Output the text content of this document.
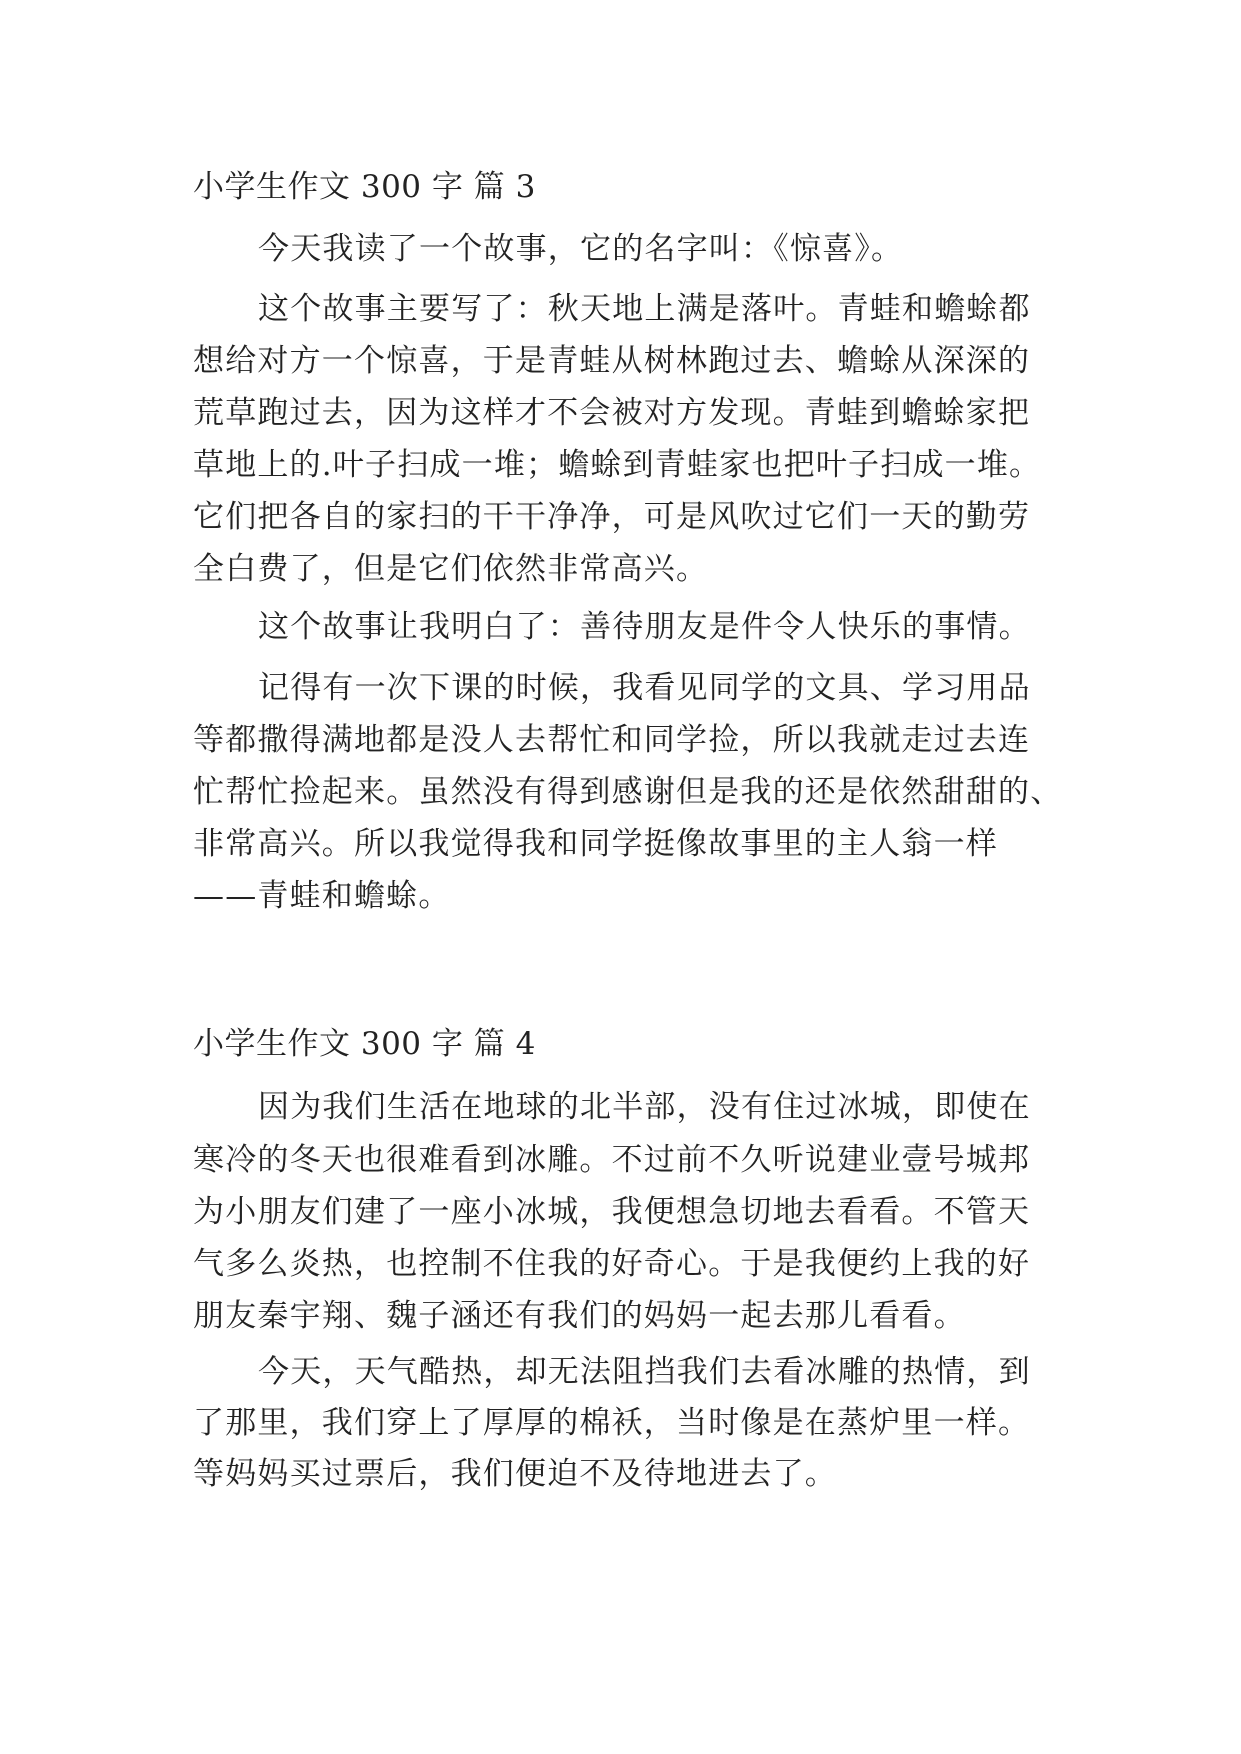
小学生作文 300 字 篇 3
今天我读了一个故事，它的名字叫：《惊喜》。
这个故事主要写了：秋天地上满是落叶。青蛙和蟾蜍都
想给对方一个惊喜，于是青蛙从树林跑过去、蟾蜍从深深的
荒草跑过去，因为这样才不会被对方发现。青蛙到蟾蜍家把
草地上的.叶子扫成一堆；蟾蜍到青蛙家也把叶子扫成一堆。
它们把各自的家扫的干干净净，可是风吹过它们一天的勤劳
全白费了，但是它们依然非常高兴。
这个故事让我明白了：善待朋友是件令人快乐的事情。
记得有一次下课的时候，我看见同学的文具、学习用品
等都撒得满地都是没人去帮忙和同学捡，所以我就走过去连
忙帮忙捡起来。虽然没有得到感谢但是我的还是依然甜甜的、
非常高兴。所以我觉得我和同学挺像故事里的主人翁一样
——青蛙和蟾蜍。
小学生作文 300 字 篇 4
因为我们生活在地球的北半部，没有住过冰城，即使在
寒冷的冬天也很难看到冰雕。不过前不久听说建业壹号城邦
为小朋友们建了一座小冰城，我便想急切地去看看。不管天
气多么炎热，也控制不住我的好奇心。于是我便约上我的好
朋友秦宇翔、魏子涵还有我们的妈妈一起去那儿看看。
今天，天气酷热，却无法阻挡我们去看冰雕的热情，到
了那里，我们穿上了厚厚的棉袄，当时像是在蒸炉里一样。
等妈妈买过票后，我们便迫不及待地进去了。
